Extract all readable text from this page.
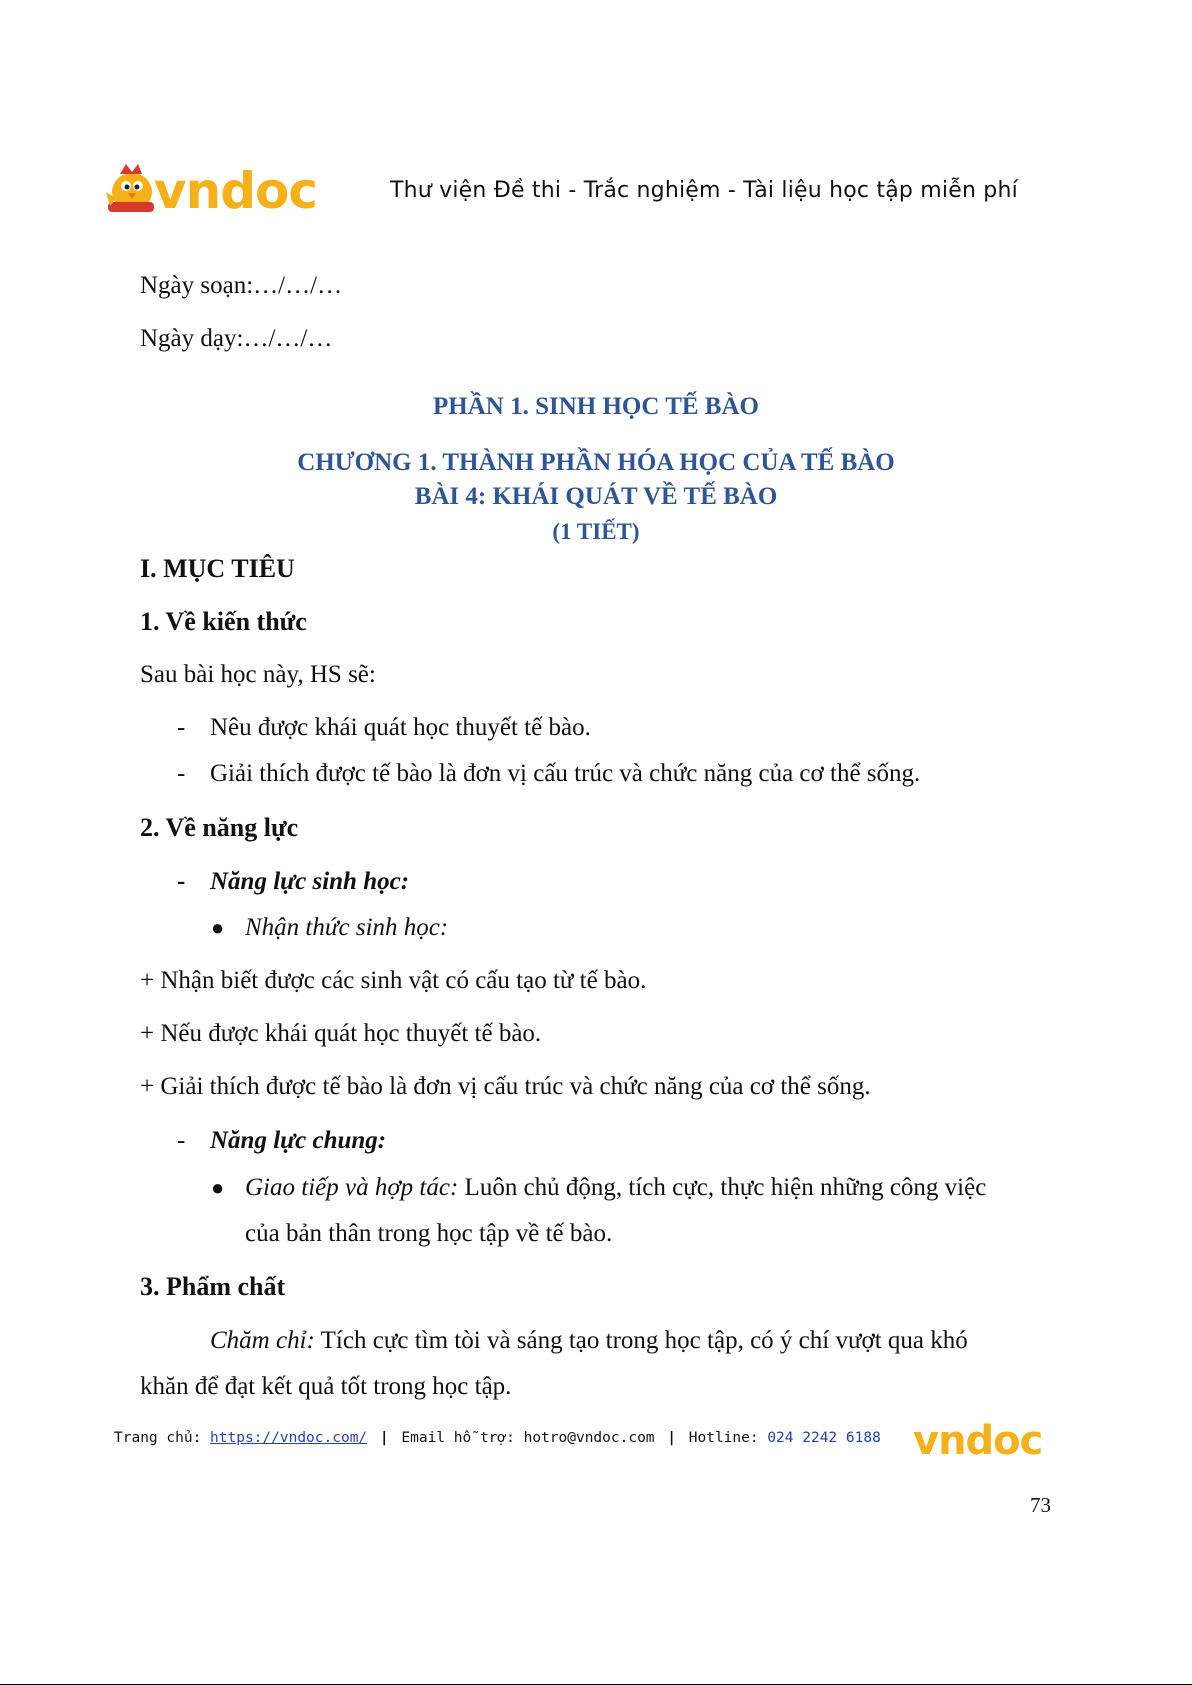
vndoc	Thư viện Đề thi - Trắc nghiệm - Tài liệu học tập miễn phí
Ngày soạn:…/…/…
Ngày dạy:…/…/…
PHẦN 1. SINH HỌC TẾ BÀO
CHƯƠNG 1. THÀNH PHẦN HÓA HỌC CỦA TẾ BÀO
BÀI 4: KHÁI QUÁT VỀ TẾ BÀO
(1 TIẾT)
I. MỤC TIÊU
1. Về kiến thức
Sau bài học này, HS sẽ:
- Nêu được khái quát học thuyết tế bào.
- Giải thích được tế bào là đơn vị cấu trúc và chức năng của cơ thể sống.
2. Về năng lực
- Năng lực sinh học:
● Nhận thức sinh học:
+ Nhận biết được các sinh vật có cấu tạo từ tế bào.
+ Nếu được khái quát học thuyết tế bào.
+ Giải thích được tế bào là đơn vị cấu trúc và chức năng của cơ thể sống.
- Năng lực chung:
● Giao tiếp và hợp tác: Luôn chủ động, tích cực, thực hiện những công việc
của bản thân trong học tập về tế bào.
3. Phẩm chất
Chăm chỉ: Tích cực tìm tòi và sáng tạo trong học tập, có ý chí vượt qua khó
khăn để đạt kết quả tốt trong học tập.
Trang chủ: https://vndoc.com/ | Email hỗ trợ: hotro@vndoc.com | Hotline: 024 2242 6188 vndoc
73
